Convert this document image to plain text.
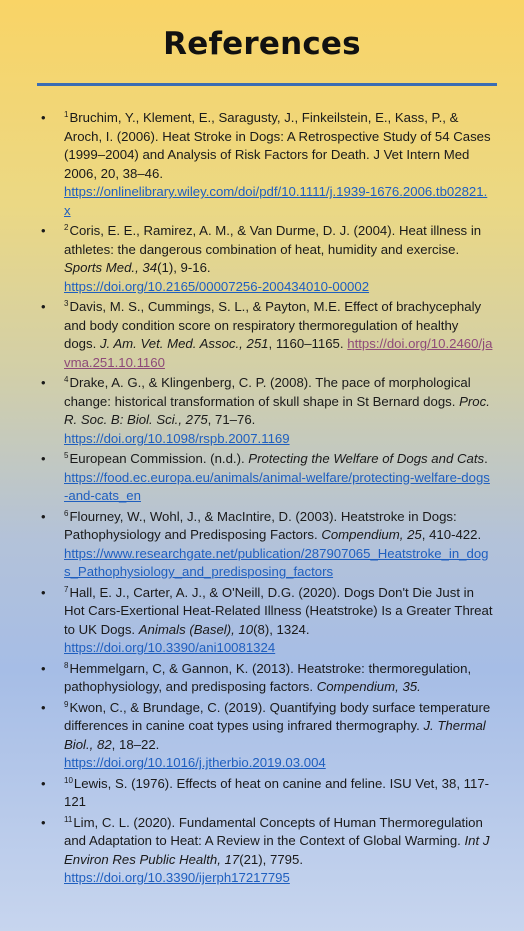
References
• $^1$Bruchim, Y., Klement, E., Saragusty, J., Finkeilstein, E., Kass, P., & Aroch, I. (2006). Heat Stroke in Dogs: A Retrospective Study of 54 Cases (1999–2004) and Analysis of Risk Factors for Death. J Vet Intern Med 2006, 20, 38–46.
https://onlinelibrary.wiley.com/doi/pdf/10.1111/j.1939-1676.2006.tb02821.x
• $^2$Coris, E. E., Ramirez, A. M., & Van Durme, D. J. (2004). Heat illness in athletes: the dangerous combination of heat, humidity and exercise. Sports Med., 34(1), 9-16.
https://doi.org/10.2165/00007256-200434010-00002
• $^3$Davis, M. S., Cummings, S. L., & Payton, M.E. Effect of brachycephaly and body condition score on respiratory thermoregulation of healthy dogs. J. Am. Vet. Med. Assoc., 251, 1160–1165. https://doi.org/10.2460/javma.251.10.1160
• $^4$Drake, A. G., & Klingenberg, C. P. (2008). The pace of morphological change: historical transformation of skull shape in St Bernard dogs. Proc. R. Soc. B: Biol. Sci., 275, 71–76.
https://doi.org/10.1098/rspb.2007.1169
• $^5$European Commission. (n.d.). Protecting the Welfare of Dogs and Cats. https://food.ec.europa.eu/animals/animal-welfare/protecting-welfare-dogs-and-cats_en
• $^6$Flourney, W., Wohl, J., & MacIntire, D. (2003). Heatstroke in Dogs: Pathophysiology and Predisposing Factors. Compendium, 25, 410-422.
https://www.researchgate.net/publication/287907065_Heatstroke_in_dogs_Pathophysiology_and_predisposing_factors
• $^7$Hall, E. J., Carter, A. J., & O'Neill, D.G. (2020). Dogs Don't Die Just in Hot Cars-Exertional Heat-Related Illness (Heatstroke) Is a Greater Threat to UK Dogs. Animals (Basel), 10(8), 1324.
https://doi.org/10.3390/ani10081324
• $^8$Hemmelgarn, C, & Gannon, K. (2013). Heatstroke: thermoregulation, pathophysiology, and predisposing factors. Compendium, 35.
• $^9$Kwon, C., & Brundage, C. (2019). Quantifying body surface temperature differences in canine coat types using infrared thermography. J. Thermal Biol., 82, 18–22.
https://doi.org/10.1016/j.jtherbio.2019.03.004
• $^{10}$Lewis, S. (1976). Effects of heat on canine and feline. ISU Vet, 38, 117-121
• $^{11}$Lim, C. L. (2020). Fundamental Concepts of Human Thermoregulation and Adaptation to Heat: A Review in the Context of Global Warming. Int J Environ Res Public Health, 17(21), 7795.
https://doi.org/10.3390/ijerph17217795
